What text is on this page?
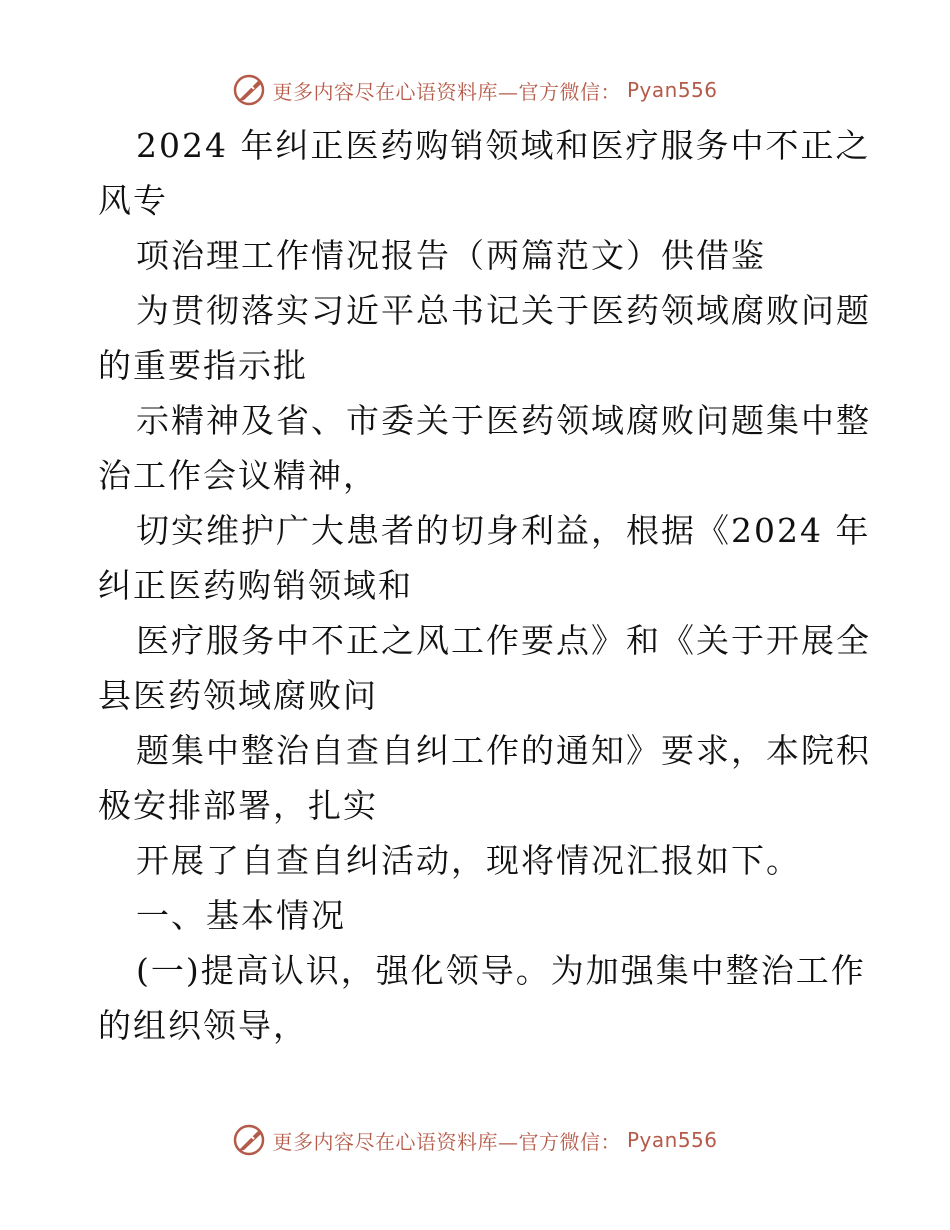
更多内容尽在心语资料库—官方微信： Pyan556
2024 年纠正医药购销领域和医疗服务中不正之
风专
项治理工作情况报告（两篇范文）供借鉴
为贯彻落实习近平总书记关于医药领域腐败问题
的重要指示批
示精神及省、市委关于医药领域腐败问题集中整
治工作会议精神，
切实维护广大患者的切身利益，根据《2024 年
纠正医药购销领域和
医疗服务中不正之风工作要点》和《关于开展全
县医药领域腐败问
题集中整治自查自纠工作的通知》要求，本院积
极安排部署，扎实
开展了自查自纠活动，现将情况汇报如下。
一、基本情况
(一)提高认识，强化领导。为加强集中整治工作
的组织领导，
更多内容尽在心语资料库—官方微信： Pyan556
